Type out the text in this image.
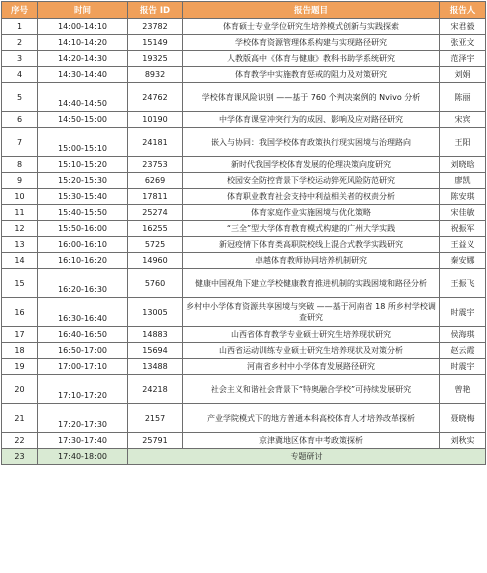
序号	时间	报告 ID	报告题目	报告人
1	14:00-14:10	23782	体育硕士专业学位研究生培养模式创新与实践探索	宋君毅
2	14:10-14:20	15149	学校体育资源管理体系构建与实现路径研究	张亚文
3	14:20-14:30	19325	人教版高中《体育与健康》教科书助学系统研究	范泽宇
4	14:30-14:40	8932	体育教学中实施教育惩戒的阻力及对策研究	刘娟
5	14:40-14:50	24762	学校体育课风险识别 ——基于 760 个判决案例的 Nvivo 分析	陈丽
6	14:50-15:00	10190	中学体育课堂冲突行为的成因、影响及应对路径研究	宋宾
7	15:00-15:10	24181	嵌入与协同：我国学校体育政策执行现实困境与治理路向	王阳
8	15:10-15:20	23753	新时代我国学校体育发展的伦理决策向度研究	刘晓晗
9	15:20-15:30	6269	校园安全防控背景下学校运动猝死风险防范研究	廖凯
10	15:30-15:40	17811	体育职业教育社会支持中利益相关者的权责分析	陈安琪
11	15:40-15:50	25274	体育家庭作业实施困境与优化策略	宋佳敏
12	15:50-16:00	16255	“三全”型大学体育教育模式构建的广州大学实践	祝振军
13	16:00-16:10	5725	新冠疫情下体育类高职院校线上混合式教学实践研究	王益义
14	16:10-16:20	14960	卓越体育教师协同培养机制研究	秦安娜
15	16:20-16:30	5760	健康中国视角下建立学校健康教育推进机制的实践困境和路径分析	王振飞
16	16:30-16:40	13005	乡村中小学体育资源共享困境与突破 ——基于河南省 18 所乡村学校调查研究	时震宇
17	16:40-16:50	14883	山西省体育教学专业硕士研究生培养现状研究	侯海琪
18	16:50-17:00	15694	山西省运动训练专业硕士研究生培养现状及对策分析	赵云霞
19	17:00-17:10	13488	河南省乡村中小学体育发展路径研究	时震宇
20	17:10-17:20	24218	社会主义和谐社会背景下“特奥融合学校”可持续发展研究	曾艳
21	17:20-17:30	2157	产业学院模式下的地方普通本科高校体育人才培养改革探析	聂晓梅
22	17:30-17:40	25791	京津冀地区体育中考政策探析	刘秋实
23	17:40-18:00	专题研讨		
